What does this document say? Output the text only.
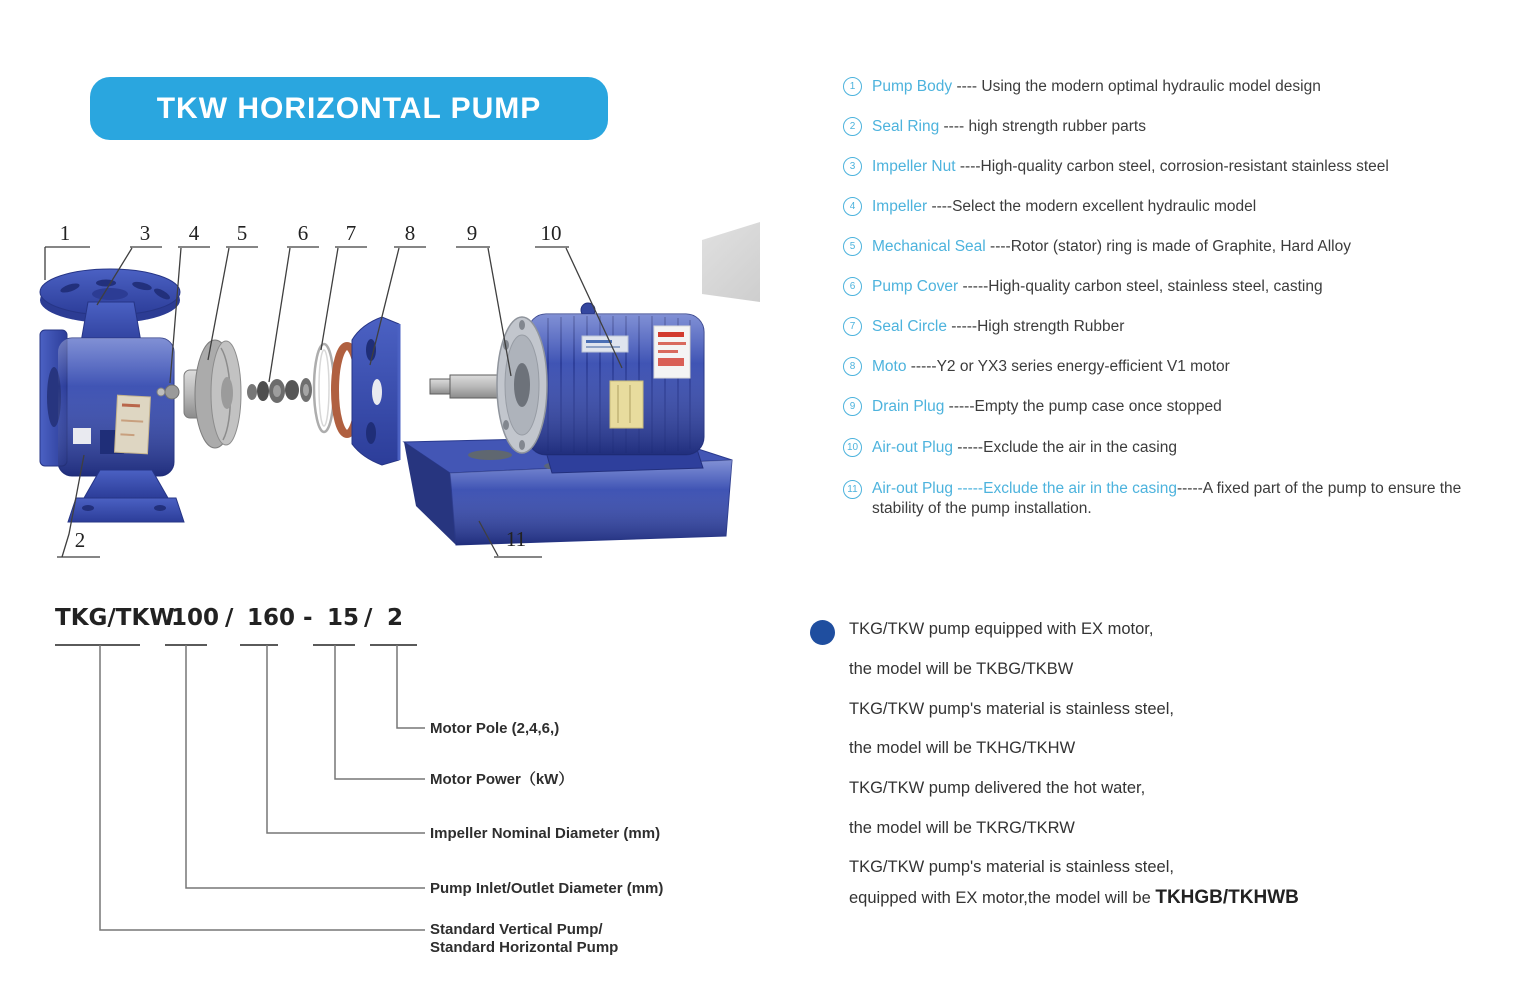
TKW HORIZONTAL PUMP
1
2
3	4	5	6	7	8	9	10
11
1	Pump Body ---- Using the modern optimal hydraulic model design
2	Seal Ring ---- high strength rubber parts
3	Impeller Nut ----High-quality carbon steel, corrosion-resistant stainless steel
4	Impeller ----Select the modern excellent hydraulic model
5	Mechanical Seal ----Rotor (stator) ring is made of Graphite, Hard Alloy
6	Pump Cover -----High-quality carbon steel, stainless steel, casting
7	Seal Circle -----High strength Rubber
8	Moto -----Y2 or YX3 series energy-efficient V1 motor
9	Drain Plug -----Empty the pump case once stopped
10 Air-out Plug -----Exclude the air in the casing
11 Air-out Plug -----Exclude the air in the casing-----A fixed part of the pump to ensure the stability of the pump installation.
TKG/TKW
100 / 160 - 15 / 2
Motor Pole (2,4,6,)
Motor Power（kW）
Impeller Nominal Diameter (mm)
Pump Inlet/Outlet Diameter (mm)
Standard Vertical Pump/
Standard Horizontal Pump
TKG/TKW pump equipped with EX motor,
the model will be TKBG/TKBW
TKG/TKW pump's material is stainless steel,
the model will be TKHG/TKHW
TKG/TKW pump delivered the hot water,
the model will be TKRG/TKRW
TKG/TKW pump's material is stainless steel,
equipped with EX motor,the model will be TKHGB/TKHWB
